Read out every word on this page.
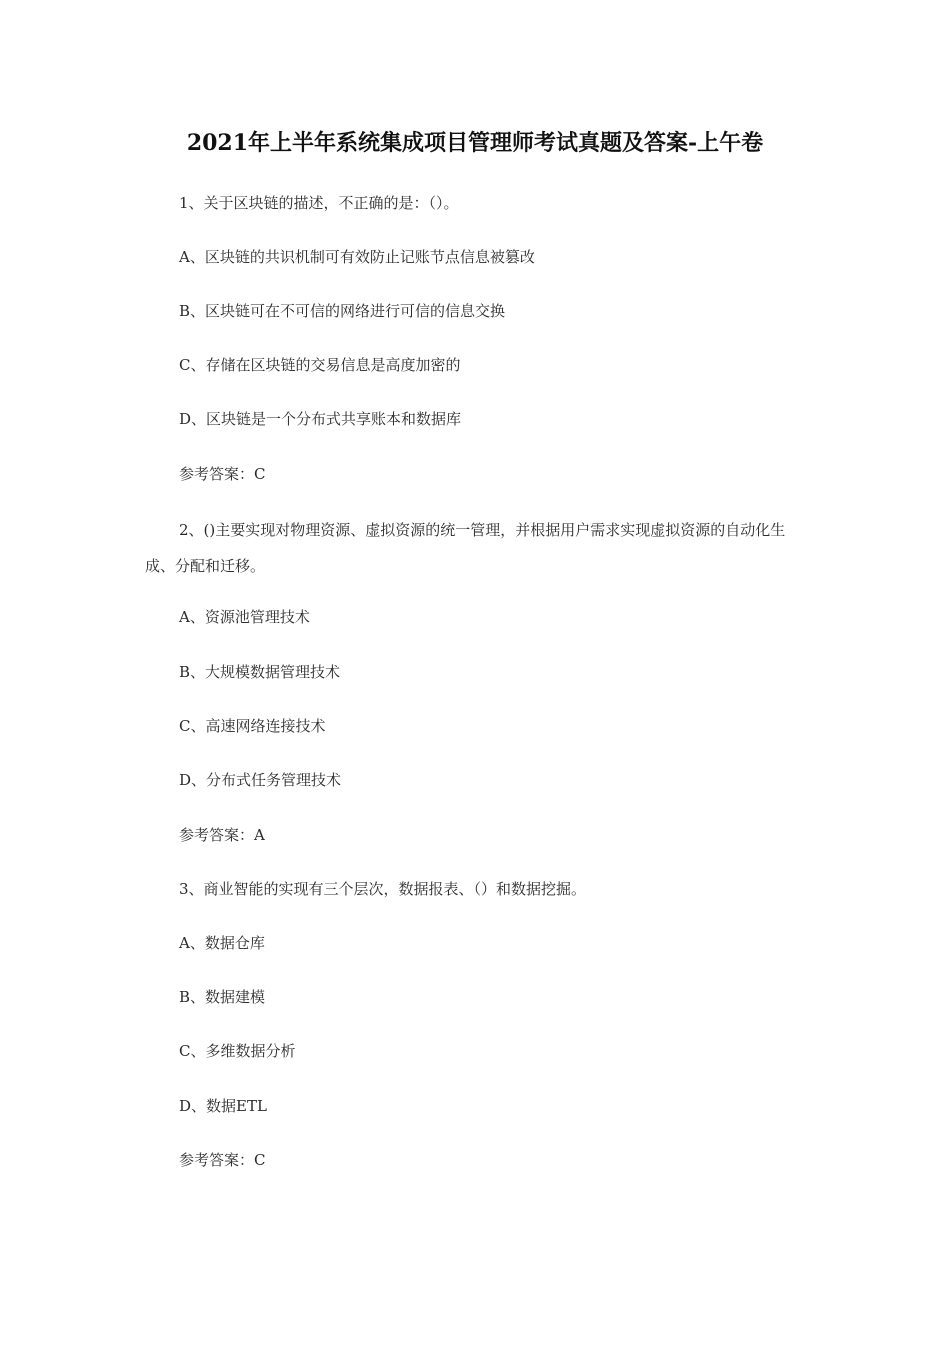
2021年上半年系统集成项目管理师考试真题及答案-上午卷
1、关于区块链的描述，不正确的是：（）。
A、区块链的共识机制可有效防止记账节点信息被篡改
B、区块链可在不可信的网络进行可信的信息交换
C、存储在区块链的交易信息是高度加密的
D、区块链是一个分布式共享账本和数据库
参考答案：C
2、()主要实现对物理资源、虚拟资源的统一管理，并根据用户需求实现虚拟资源的自动化生成、分配和迁移。
A、资源池管理技术
B、大规模数据管理技术
C、高速网络连接技术
D、分布式任务管理技术
参考答案：A
3、商业智能的实现有三个层次，数据报表、（）和数据挖掘。
A、数据仓库
B、数据建模
C、多维数据分析
D、数据ETL
参考答案：C
